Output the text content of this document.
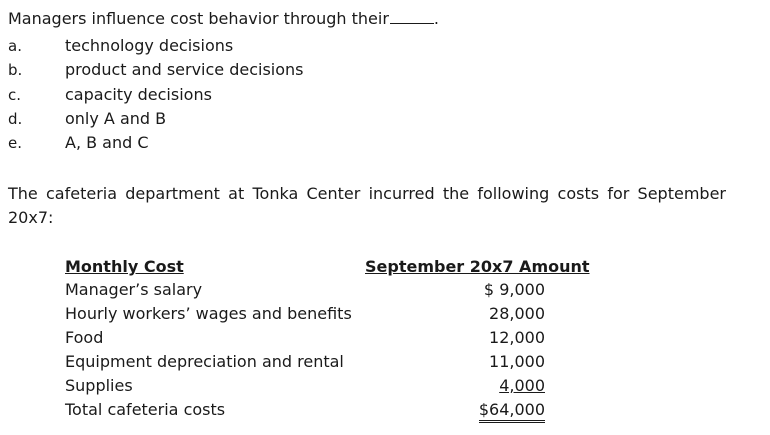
Managers influence cost behavior through their	.
a.	technology decisions
b.	product and service decisions
c.	capacity decisions
d.	only A and B
e.	A, B and C
The cafeteria department at Tonka Center incurred the following costs for September 20x7:
Monthly Cost	September 20x7 Amount
Manager’s salary	$ 9,000
Hourly workers’ wages and benefits	28,000
Food	12,000
Equipment depreciation and rental	11,000
Supplies	4,000
Total cafeteria costs	$64,000
